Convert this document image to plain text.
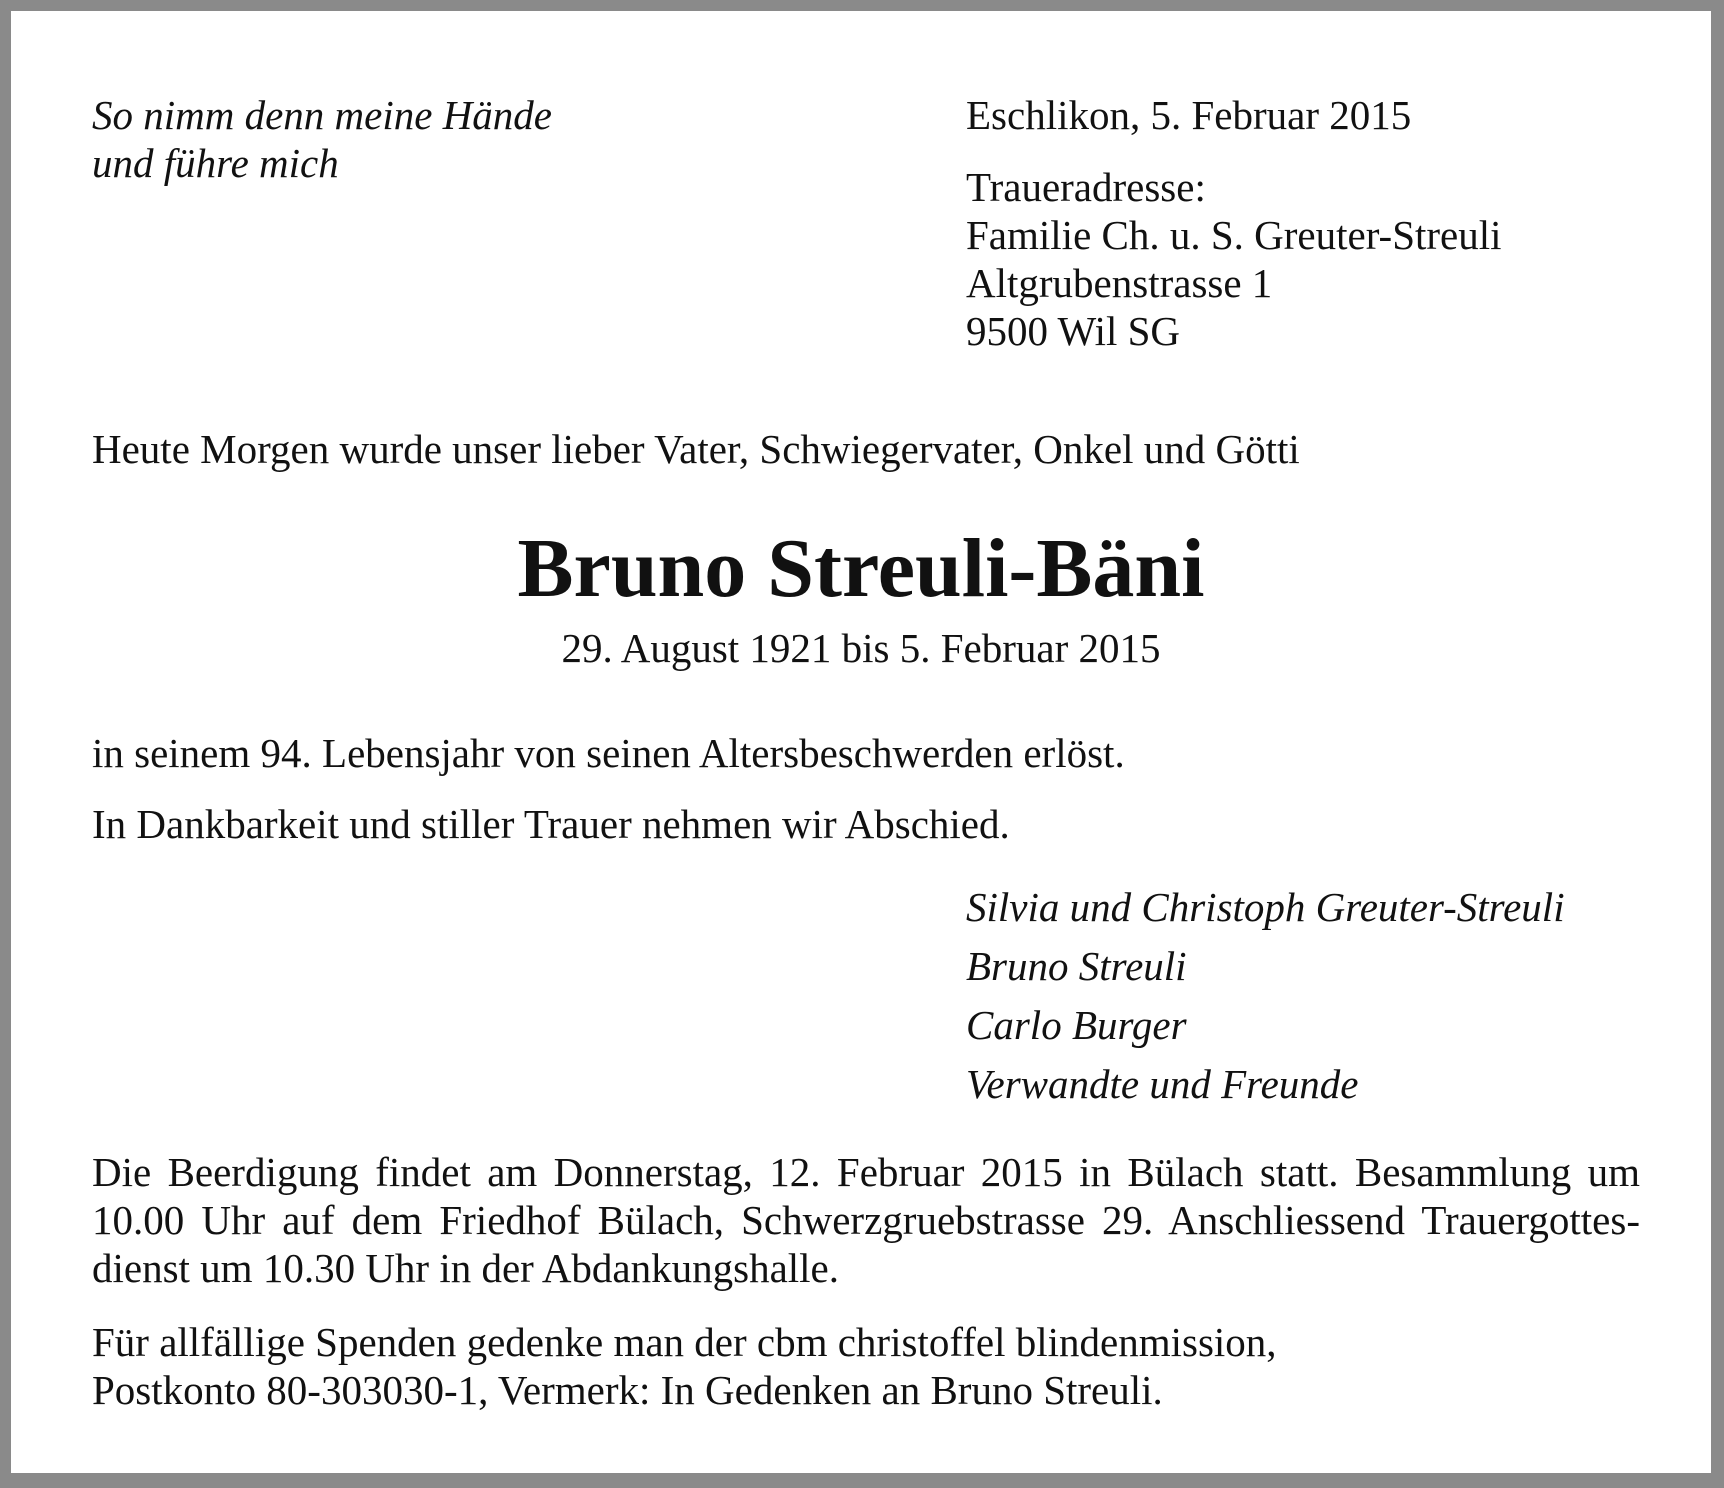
So nimm denn meine Hände

und führe mich

Eschlikon, 5. Februar 2015

Traueradresse:

Familie Ch. u. S. Greuter-Streuli

Altgrubenstrasse 1

9500 Wil SG

Heute Morgen wurde unser lieber Vater, Schwiegervater, Onkel und Götti

Bruno Streuli-Bäni

29. August 1921 bis 5. Februar 2015

in seinem 94. Lebensjahr von seinen Altersbeschwerden erlöst.

In Dankbarkeit und stiller Trauer nehmen wir Abschied.

Silvia und Christoph Greuter-Streuli

Bruno Streuli

Carlo Burger

Verwandte und Freunde

Die Beerdigung findet am Donnerstag, 12. Februar 2015 in Bülach statt. Besammlung um
10.00 Uhr auf dem Friedhof Bülach, Schwerzgruebstrasse 29. Anschliessend Trauergottes-
dienst um 10.30 Uhr in der Abdankungshalle.

Für allfällige Spenden gedenke man der cbm christoffel blindenmission,

Postkonto 80-303030-1, Vermerk: In Gedenken an Bruno Streuli.
